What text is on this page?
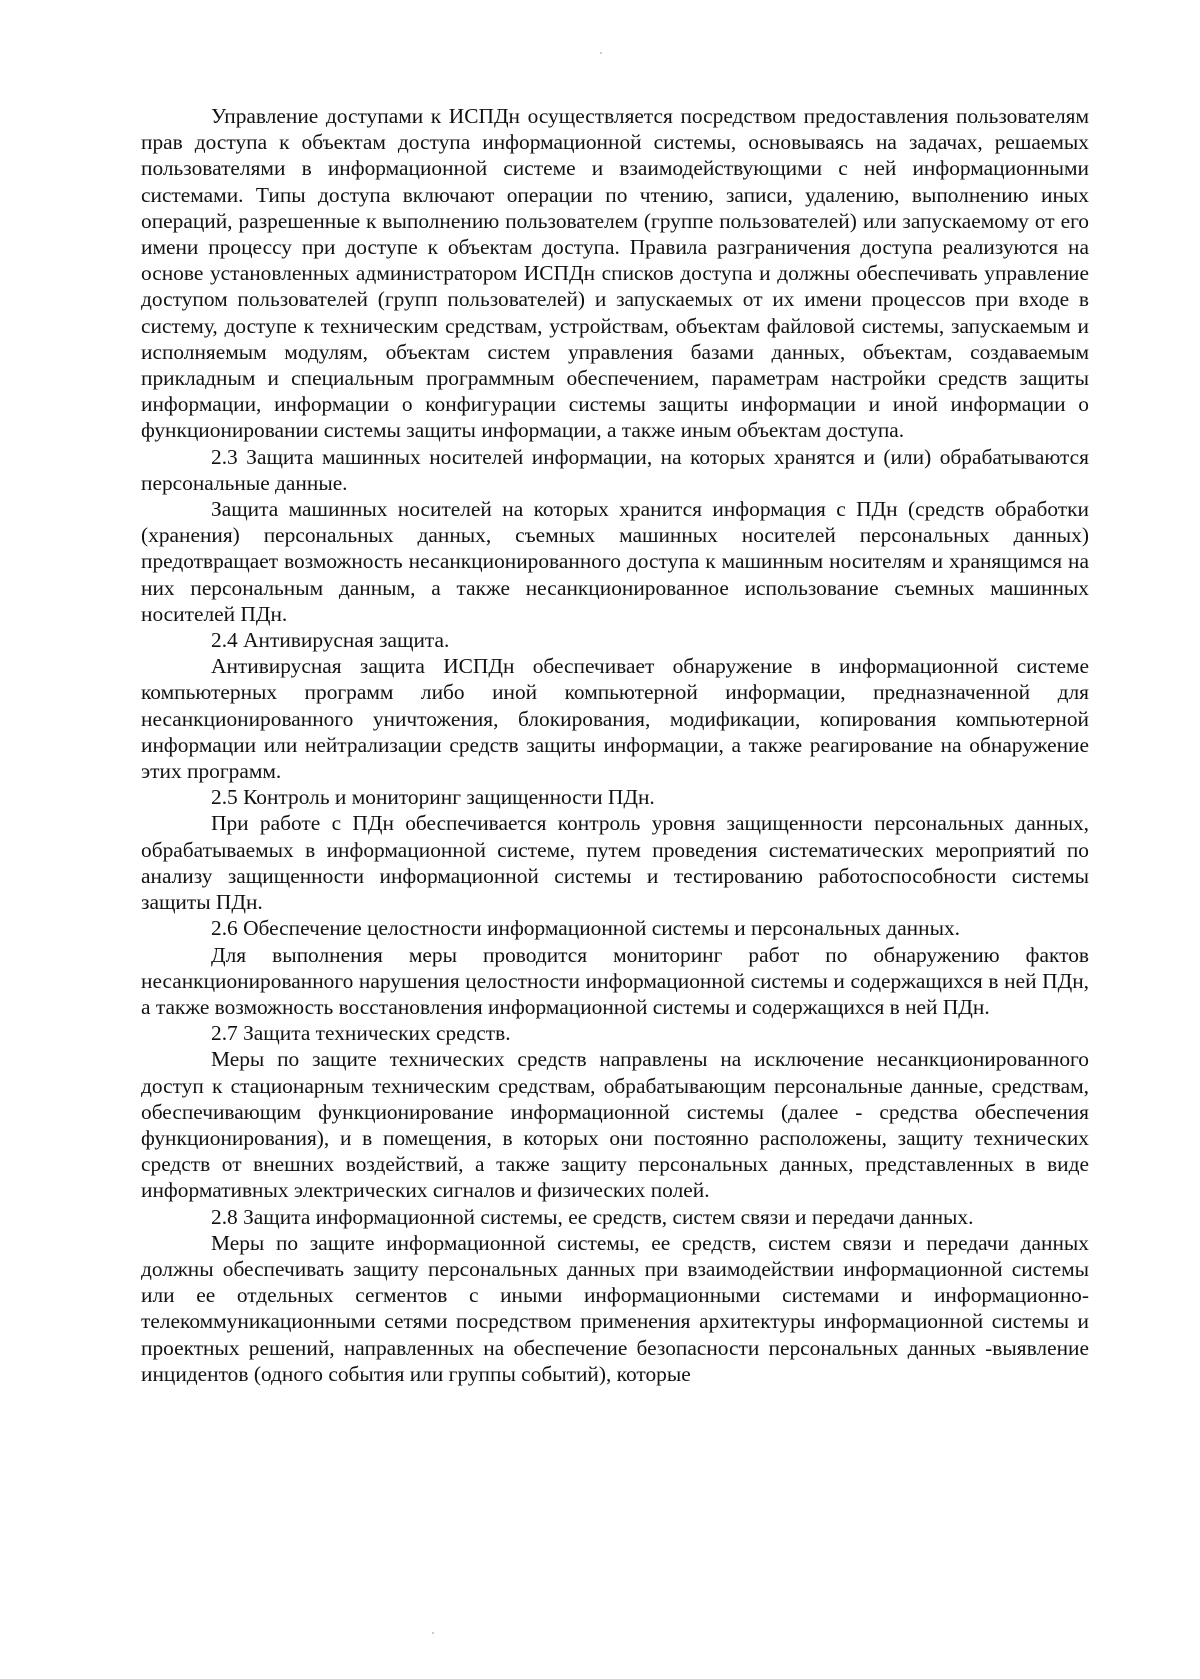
Управление доступами к ИСПДн осуществляется посредством предоставления пользователям прав доступа к объектам доступа информационной системы, основываясь на задачах, решаемых пользователями в информационной системе и взаимодействующими с ней информационными системами. Типы доступа включают операции по чтению, записи, удалению, выполнению иных операций, разрешенные к выполнению пользователем (группе пользователей) или запускаемому от его имени процессу при доступе к объектам доступа. Правила разграничения доступа реализуются на основе установленных администратором ИСПДн списков доступа и должны обеспечивать управление доступом пользователей (групп пользователей) и запускаемых от их имени процессов при входе в систему, доступе к техническим средствам, устройствам, объектам файловой системы, запускаемым и исполняемым модулям, объектам систем управления базами данных, объектам, создаваемым прикладным и специальным программным обеспечением, параметрам настройки средств защиты информации, информации о конфигурации системы защиты информации и иной информации о функционировании системы защиты информации, а также иным объектам доступа.

2.3 Защита машинных носителей информации, на которых хранятся и (или) обрабатываются персональные данные.

Защита машинных носителей на которых хранится информация с ПДн (средств обработки (хранения) персональных данных, съемных машинных носителей персональных данных) предотвращает возможность несанкционированного доступа к машинным носителям и хранящимся на них персональным данным, а также несанкционированное использование съемных машинных носителей ПДн.

2.4 Антивирусная защита.

Антивирусная защита ИСПДн обеспечивает обнаружение в информационной системе компьютерных программ либо иной компьютерной информации, предназначенной для несанкционированного уничтожения, блокирования, модификации, копирования компьютерной информации или нейтрализации средств защиты информации, а также реагирование на обнаружение этих программ.

2.5 Контроль и мониторинг защищенности ПДн.

При работе с ПДн обеспечивается контроль уровня защищенности персональных данных, обрабатываемых в информационной системе, путем проведения систематических мероприятий по анализу защищенности информационной системы и тестированию работоспособности системы защиты ПДн.

2.6 Обеспечение целостности информационной системы и персональных данных.

Для выполнения меры проводится мониторинг работ по обнаружению фактов несанкционированного нарушения целостности информационной системы и содержащихся в ней ПДн, а также возможность восстановления информационной системы и содержащихся в ней ПДн.

2.7 Защита технических средств.

Меры по защите технических средств направлены на исключение несанкционированного доступ к стационарным техническим средствам, обрабатывающим персональные данные, средствам, обеспечивающим функционирование информационной системы (далее - средства обеспечения функционирования), и в помещения, в которых они постоянно расположены, защиту технических средств от внешних воздействий, а также защиту персональных данных, представленных в виде информативных электрических сигналов и физических полей.

2.8 Защита информационной системы, ее средств, систем связи и передачи данных.

Меры по защите информационной системы, ее средств, систем связи и передачи данных должны обеспечивать защиту персональных данных при взаимодействии информационной системы или ее отдельных сегментов с иными информационными системами и информационно-телекоммуникационными сетями посредством применения архитектуры информационной системы и проектных решений, направленных на обеспечение безопасности персональных данных -выявление инцидентов (одного события или группы событий), которые
